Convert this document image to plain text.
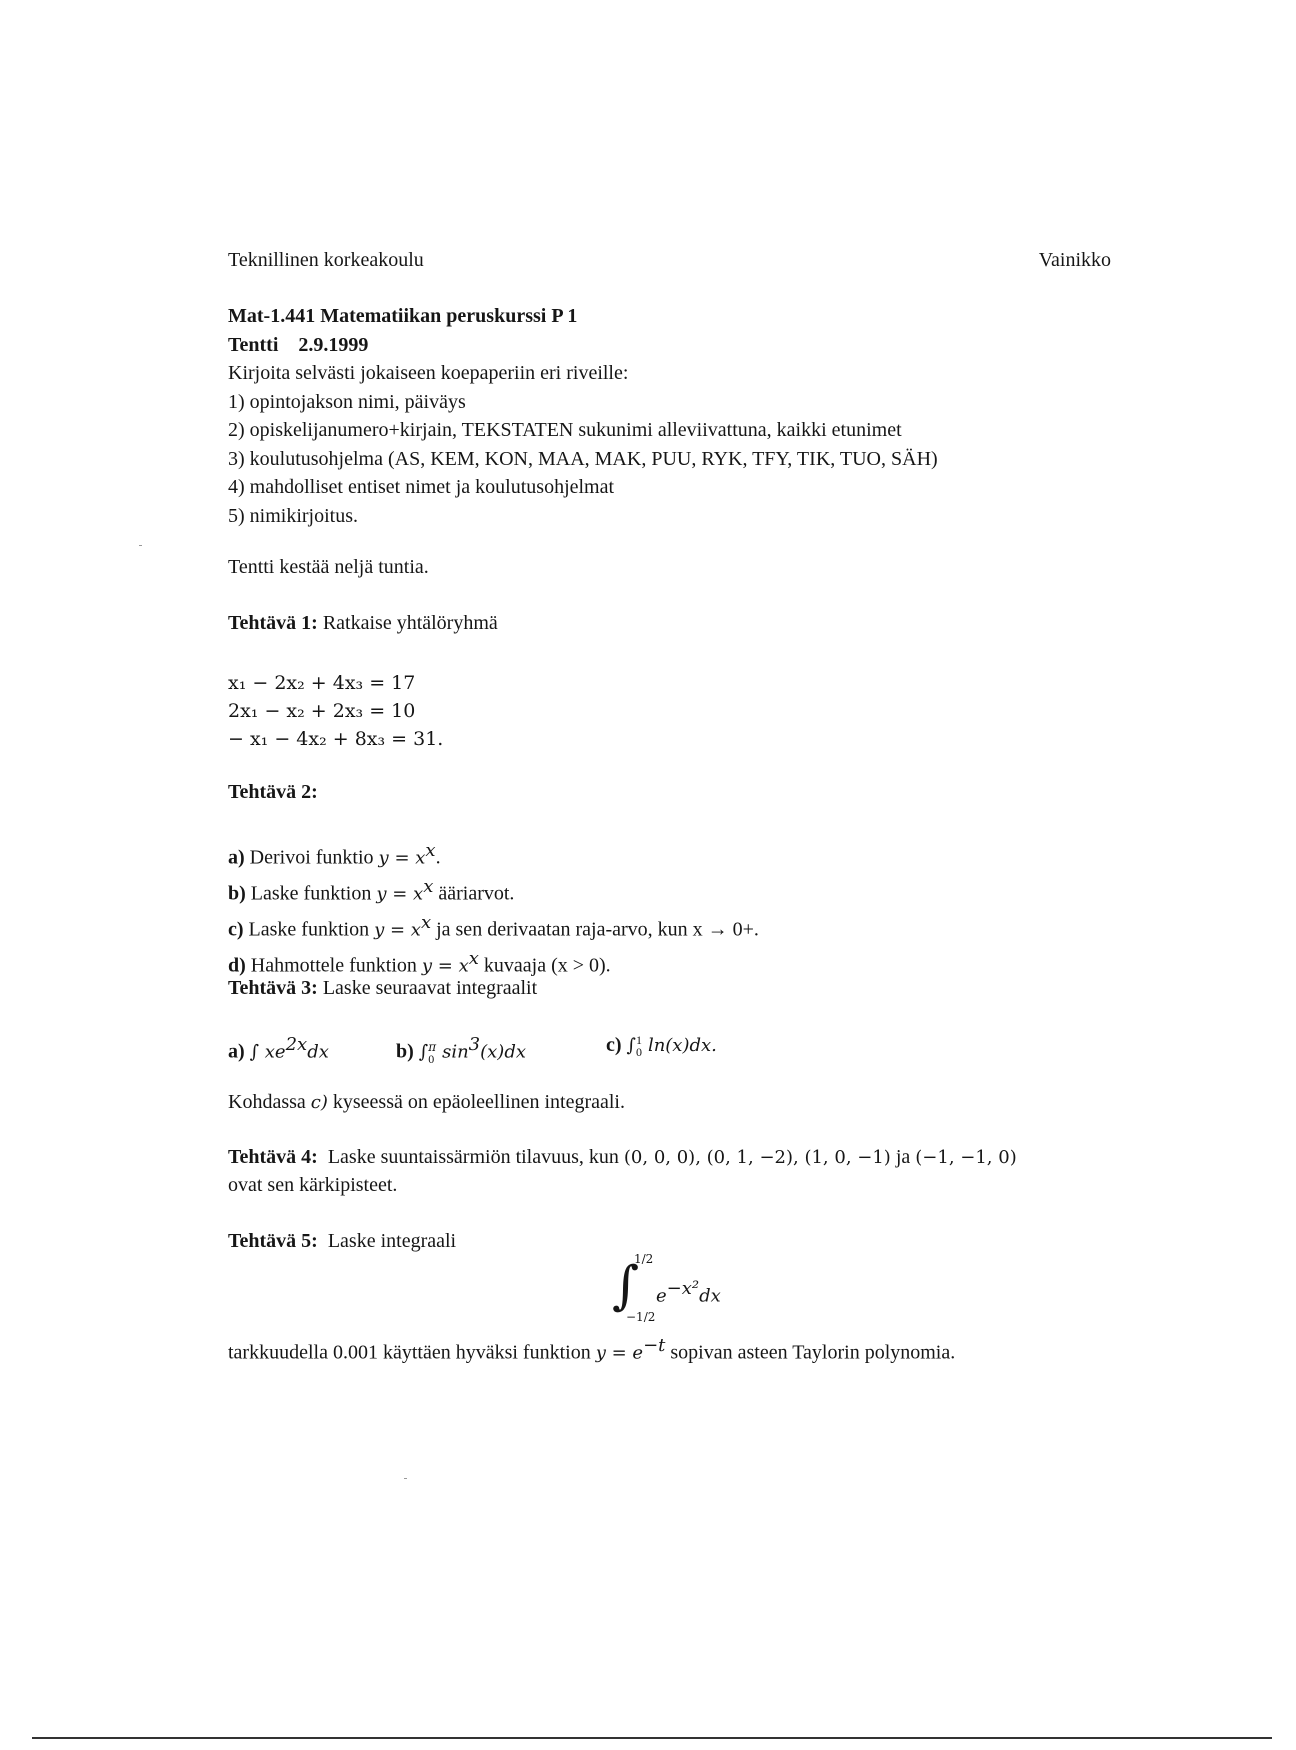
Teknillinen korkeakoulu	Vainikko
Mat-1.441 Matematiikan peruskurssi P 1
Tentti 2.9.1999
Kirjoita selvästi jokaiseen koepaperiin eri riveille:
1) opintojakson nimi, päiväys
2) opiskelijanumero+kirjain, TEKSTATEN sukunimi alleviivattuna, kaikki etunimet
3) koulutusohjelma (AS, KEM, KON, MAA, MAK, PUU, RYK, TFY, TIK, TUO, SÄH)
4) mahdolliset entiset nimet ja koulutusohjelmat
5) nimikirjoitus.
Tentti kestää neljä tuntia.
Tehtävä 1: Ratkaise yhtälöryhmä
x₁ − 2x₂ + 4x₃ = 17
2x₁ − x₂ + 2x₃ = 10
− x₁ − 4x₂ + 8x₃ = 31.
Tehtävä 2:
a) Derivoi funktio $y = x^x$.
b) Laske funktion $y = x^x$ ääriarvot.
c) Laske funktion $y = x^x$ ja sen derivaatan raja-arvo, kun x → 0+.
d) Hahmottele funktion $y = x^x$ kuvaaja (x > 0).
Tehtävä 3: Laske seuraavat integraalit
a) ∫ $xe^{2x}dx$	b) ∫ π
0 $\sin^3(x)dx$	c) ∫ 1
0 ln(x)dx.
Kohdassa c) kyseessä on epäoleellinen integraali.
Tehtävä 4: Laske suuntaissärmiön tilavuus, kun (0, 0, 0), (0, 1, −2), (1, 0, −1) ja (−1, −1, 0)
ovat sen kärkipisteet.
Tehtävä 5: Laske integraali
∫
1/2
−1/2
$e^{-x^2}dx$
tarkkuudella 0.001 käyttäen hyväksi funktion $y = e^{-t}$ sopivan asteen Taylorin polynomia.
